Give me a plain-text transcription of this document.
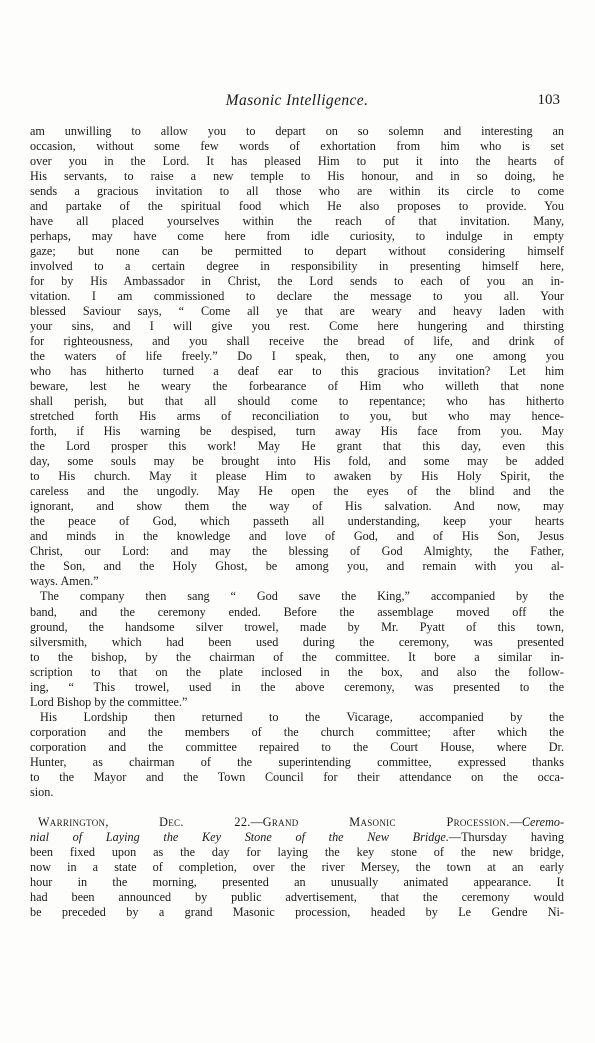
Masonic Intelligence.	103
am unwilling to allow you to depart on so solemn and interesting an
occasion, without some few words of exhortation from him who is set
over you in the Lord. It has pleased Him to put it into the hearts of
His servants, to raise a new temple to His honour, and in so doing, he
sends a gracious invitation to all those who are within its circle to come
and partake of the spiritual food which He also proposes to provide. You
have all placed yourselves within the reach of that invitation. Many,
perhaps, may have come here from idle curiosity, to indulge in empty
gaze; but none can be permitted to depart without considering himself
involved to a certain degree in responsibility in presenting himself here,
for by His Ambassador in Christ, the Lord sends to each of you an in-
vitation. I am commissioned to declare the message to you all. Your
blessed Saviour says, “ Come all ye that are weary and heavy laden with
your sins, and I will give you rest. Come here hungering and thirsting
for righteousness, and you shall receive the bread of life, and drink of
the waters of life freely.” Do I speak, then, to any one among you
who has hitherto turned a deaf ear to this gracious invitation? Let him
beware, lest he weary the forbearance of Him who willeth that none
shall perish, but that all should come to repentance; who has hitherto
stretched forth His arms of reconciliation to you, but who may hence-
forth, if His warning be despised, turn away His face from you. May
the Lord prosper this work! May He grant that this day, even this
day, some souls may be brought into His fold, and some may be added
to His church. May it please Him to awaken by His Holy Spirit, the
careless and the ungodly. May He open the eyes of the blind and the
ignorant, and show them the way of His salvation. And now, may
the peace of God, which passeth all understanding, keep your hearts
and minds in the knowledge and love of God, and of His Son, Jesus
Christ, our Lord: and may the blessing of God Almighty, the Father,
the Son, and the Holy Ghost, be among you, and remain with you al-
ways. Amen.”
The company then sang “ God save the King,” accompanied by the
band, and the ceremony ended. Before the assemblage moved off the
ground, the handsome silver trowel, made by Mr. Pyatt of this town,
silversmith, which had been used during the ceremony, was presented
to the bishop, by the chairman of the committee. It bore a similar in-
scription to that on the plate inclosed in the box, and also the follow-
ing, “ This trowel, used in the above ceremony, was presented to the
Lord Bishop by the committee.”
His Lordship then returned to the Vicarage, accompanied by the
corporation and the members of the church committee; after which the
corporation and the committee repaired to the Court House, where Dr.
Hunter, as chairman of the superintending committee, expressed thanks
to the Mayor and the Town Council for their attendance on the occa-
sion.
Warrington,	Dec. 22.—Grand Masonic Procession.—Ceremo-
nial of Laying the Key Stone of the New Bridge.—Thursday having
been fixed upon as the day for laying the key stone of the new bridge,
now in a state of completion, over the river Mersey, the town at an early
hour in the morning, presented an unusually animated appearance. It
had been announced by public advertisement, that the ceremony would
be preceded by a grand Masonic procession, headed by Le Gendre Ni-
